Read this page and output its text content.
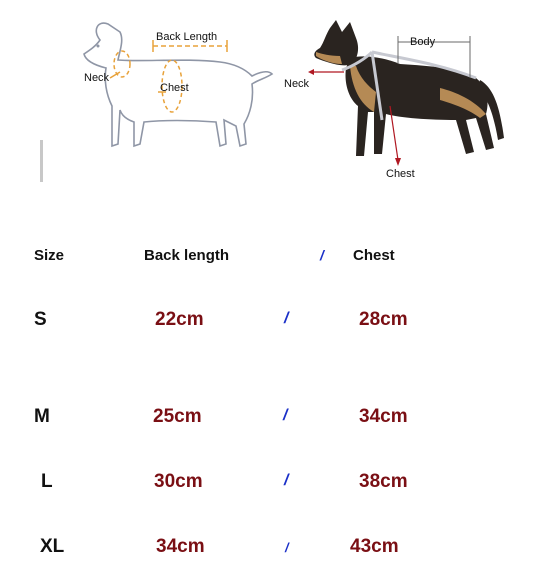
Back Length
Neck
Chest
Body
Neck
Chest
Size	Back length	/ Chest
S	22cm	/	28cm
M	25cm	/	34cm
L	30cm	/	38cm
XL	34cm	/	43cm
